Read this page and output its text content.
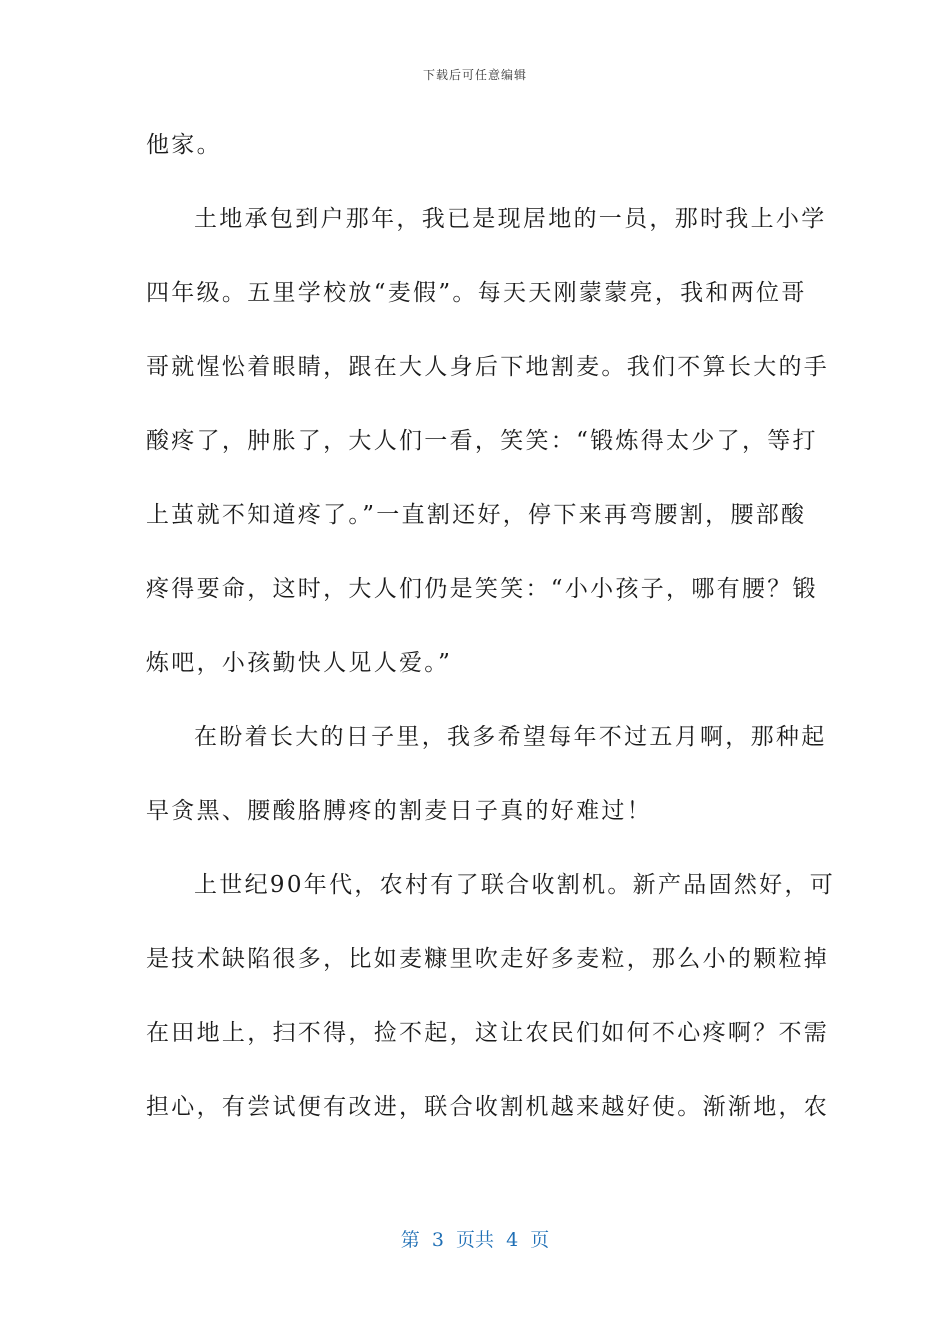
下载后可任意编辑
他家。
土地承包到户那年，我已是现居地的一员，那时我上小学
四年级。五里学校放“麦假”。每天天刚蒙蒙亮，我和两位哥
哥就惺忪着眼睛，跟在大人身后下地割麦。我们不算长大的手
酸疼了，肿胀了，大人们一看，笑笑：“锻炼得太少了，等打
上茧就不知道疼了。”一直割还好，停下来再弯腰割，腰部酸
疼得要命，这时，大人们仍是笑笑：“小小孩子，哪有腰？锻
炼吧，小孩勤快人见人爱。”
在盼着长大的日子里，我多希望每年不过五月啊，那种起
早贪黑、腰酸胳膊疼的割麦日子真的好难过！
上世纪90年代，农村有了联合收割机。新产品固然好，可
是技术缺陷很多，比如麦糠里吹走好多麦粒，那么小的颗粒掉
在田地上，扫不得，捡不起，这让农民们如何不心疼啊？不需
担心，有尝试便有改进，联合收割机越来越好使。渐渐地，农
第  3  页共  4  页
